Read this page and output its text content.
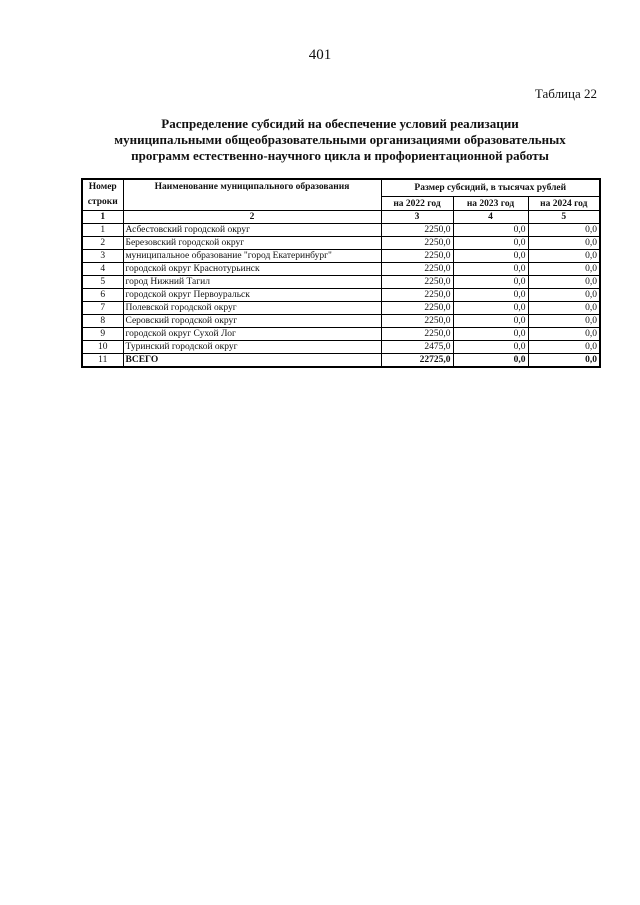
401
Таблица 22
Распределение субсидий на обеспечение условий реализации
муниципальными общеобразовательными организациями образовательных
программ естественно-научного цикла и профориентационной работы
Номер строки	Наименование муниципального образования	Размер субсидий, в тысячах рублей		
		на 2022 год	на 2023 год	на 2024 год
1	2	3	4	5
1	Асбестовский городской округ	2250,0	0,0	0,0
2	Березовский городской округ	2250,0	0,0	0,0
3	муниципальное образование "город Екатеринбург"	2250,0	0,0	0,0
4	городской округ Краснотурьинск	2250,0	0,0	0,0
5	город Нижний Тагил	2250,0	0,0	0,0
6	городской округ Первоуральск	2250,0	0,0	0,0
7	Полевской городской округ	2250,0	0,0	0,0
8	Серовский городской округ	2250,0	0,0	0,0
9	городской округ Сухой Лог	2250,0	0,0	0,0
10	Туринский городской округ	2475,0	0,0	0,0
11	ВСЕГО	22725,0	0,0	0,0
